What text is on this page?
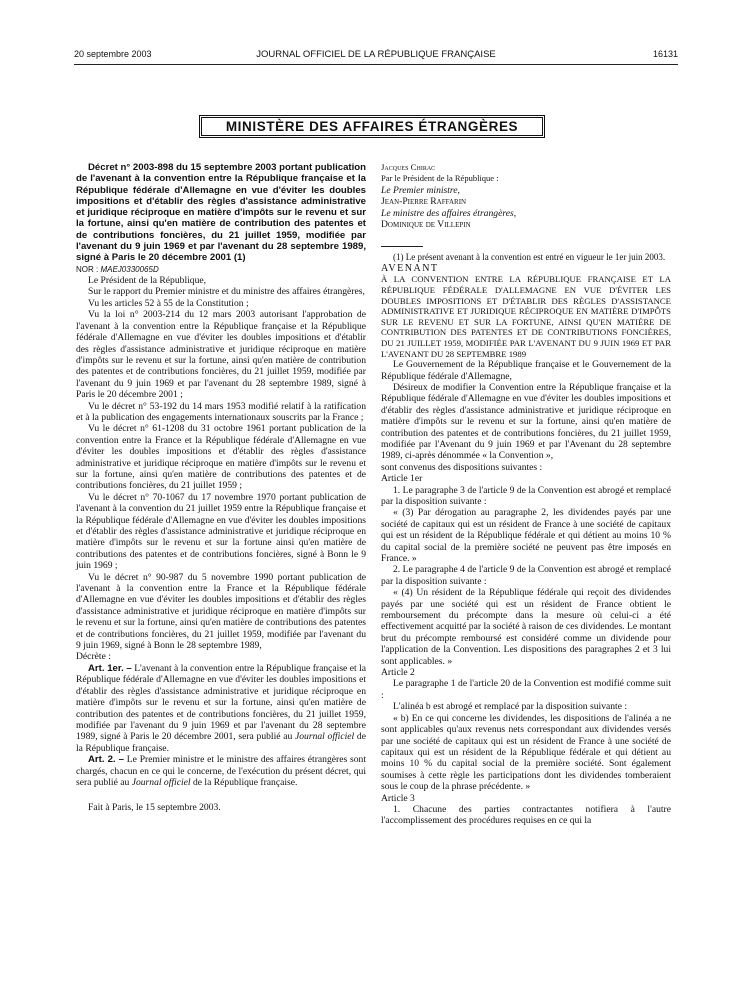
20 septembre 2003	JOURNAL OFFICIEL DE LA RÉPUBLIQUE FRANÇAISE	16131
MINISTÈRE DES AFFAIRES ÉTRANGÈRES

Décret n° 2003-898 du 15 septembre 2003 portant publication de l'avenant à la convention entre la République française et la République fédérale d'Allemagne en vue d'éviter les doubles impositions et d'établir des règles d'assistance administrative et juridique réciproque en matière d'impôts sur le revenu et sur la fortune, ainsi qu'en matière de contribution des patentes et de contributions foncières, du 21 juillet 1959, modifiée par l'avenant du 9 juin 1969 et par l'avenant du 28 septembre 1989, signé à Paris le 20 décembre 2001 (1)

NOR : MAEJ0330065D

Le Président de la République,

Sur le rapport du Premier ministre et du ministre des affaires étrangères,

Vu les articles 52 à 55 de la Constitution ;

Vu la loi n° 2003-214 du 12 mars 2003 autorisant l'approbation de l'avenant à la convention entre la République française et la République fédérale d'Allemagne en vue d'éviter les doubles impositions et d'établir des règles d'assistance administrative et juridique réciproque en matière d'impôts sur le revenu et sur la fortune, ainsi qu'en matière de contribution des patentes et de contributions foncières, du 21 juillet 1959, modifiée par l'avenant du 9 juin 1969 et par l'avenant du 28 septembre 1989, signé à Paris le 20 décembre 2001 ;

Vu le décret n° 53-192 du 14 mars 1953 modifié relatif à la ratification et à la publication des engagements internationaux souscrits par la France ;

Vu le décret n° 61-1208 du 31 octobre 1961 portant publication de la convention entre la France et la République fédérale d'Allemagne en vue d'éviter les doubles impositions et d'établir des règles d'assistance administrative et juridique réciproque en matière d'impôts sur le revenu et sur la fortune, ainsi qu'en matière de contributions des patentes et de contributions foncières, du 21 juillet 1959 ;

Vu le décret n° 70-1067 du 17 novembre 1970 portant publication de l'avenant à la convention du 21 juillet 1959 entre la République française et la République fédérale d'Allemagne en vue d'éviter les doubles impositions et d'établir des règles d'assistance administrative et juridique réciproque en matière d'impôts sur le revenu et sur la fortune ainsi qu'en matière de contributions des patentes et de contributions foncières, signé à Bonn le 9 juin 1969 ;

Vu le décret n° 90-987 du 5 novembre 1990 portant publication de l'avenant à la convention entre la France et la République fédérale d'Allemagne en vue d'éviter les doubles impositions et d'établir des règles d'assistance administrative et juridique réciproque en matière d'impôts sur le revenu et sur la fortune, ainsi qu'en matière de contributions des patentes et de contributions foncières, du 21 juillet 1959, modifiée par l'avenant du 9 juin 1969, signé à Bonn le 28 septembre 1989,

Décrète :

Art. 1er. – L'avenant à la convention entre la République française et la République fédérale d'Allemagne en vue d'éviter les doubles impositions et d'établir des règles d'assistance administrative et juridique réciproque en matière d'impôts sur le revenu et sur la fortune, ainsi qu'en matière de contribution des patentes et de contributions foncières, du 21 juillet 1959, modifiée par l'avenant du 9 juin 1969 et par l'avenant du 28 septembre 1989, signé à Paris le 20 décembre 2001, sera publié au Journal officiel de la République française.

Art. 2. – Le Premier ministre et le ministre des affaires étrangères sont chargés, chacun en ce qui le concerne, de l'exécution du présent décret, qui sera publié au Journal officiel de la République française.

Fait à Paris, le 15 septembre 2003.

Jacques Chirac

Par le Président de la République :

Le Premier ministre,

Jean-Pierre Raffarin

Le ministre des affaires étrangères,

Dominique de Villepin

(1) Le présent avenant à la convention est entré en vigueur le 1er juin 2003.

AVENANT

À LA CONVENTION ENTRE LA RÉPUBLIQUE FRANÇAISE ET LA RÉPUBLIQUE FÉDÉRALE D'ALLEMAGNE EN VUE D'ÉVITER LES DOUBLES IMPOSITIONS ET D'ÉTABLIR DES RÈGLES D'ASSISTANCE ADMINISTRATIVE ET JURIDIQUE RÉCIPROQUE EN MATIÈRE D'IMPÔTS SUR LE REVENU ET SUR LA FORTUNE, AINSI QU'EN MATIÈRE DE CONTRIBUTION DES PATENTES ET DE CONTRIBUTIONS FONCIÈRES, DU 21 JUILLET 1959, MODIFIÉE PAR L'AVENANT DU 9 JUIN 1969 ET PAR L'AVENANT DU 28 SEPTEMBRE 1989

Le Gouvernement de la République française et le Gouvernement de la République fédérale d'Allemagne,

Désireux de modifier la Convention entre la République française et la République fédérale d'Allemagne en vue d'éviter les doubles impositions et d'établir des règles d'assistance administrative et juridique réciproque en matière d'impôts sur le revenu et sur la fortune, ainsi qu'en matière de contribution des patentes et de contributions foncières, du 21 juillet 1959, modifiée par l'Avenant du 9 juin 1969 et par l'Avenant du 28 septembre 1989, ci-après dénommée « la Convention »,

sont convenus des dispositions suivantes :

Article 1er

1. Le paragraphe 3 de l'article 9 de la Convention est abrogé et remplacé par la disposition suivante :

« (3) Par dérogation au paragraphe 2, les dividendes payés par une société de capitaux qui est un résident de France à une société de capitaux qui est un résident de la République fédérale et qui détient au moins 10 % du capital social de la première société ne peuvent pas être imposés en France. »

2. Le paragraphe 4 de l'article 9 de la Convention est abrogé et remplacé par la disposition suivante :

« (4) Un résident de la République fédérale qui reçoit des dividendes payés par une société qui est un résident de France obtient le remboursement du précompte dans la mesure où celui-ci a été effectivement acquitté par la société à raison de ces dividendes. Le montant brut du précompte remboursé est considéré comme un dividende pour l'application de la Convention. Les dispositions des paragraphes 2 et 3 lui sont applicables. »

Article 2

Le paragraphe 1 de l'article 20 de la Convention est modifié comme suit :

L'alinéa b est abrogé et remplacé par la disposition suivante :

« b) En ce qui concerne les dividendes, les dispositions de l'alinéa a ne sont applicables qu'aux revenus nets correspondant aux dividendes versés par une société de capitaux qui est un résident de France à une société de capitaux qui est un résident de la République fédérale et qui détient au moins 10 % du capital social de la première société. Sont également soumises à cette règle les participations dont les dividendes tomberaient sous le coup de la phrase précédente. »

Article 3

1. Chacune des parties contractantes notifiera à l'autre l'accomplissement des procédures requises en ce qui la
